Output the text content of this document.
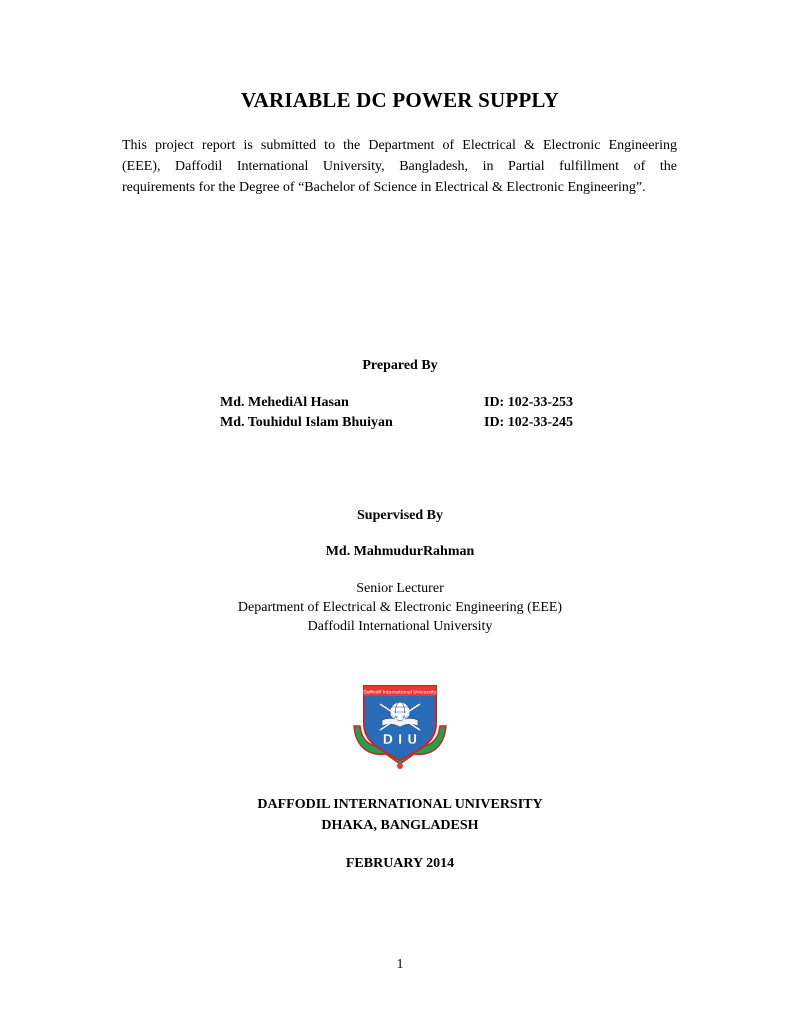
VARIABLE DC POWER SUPPLY
This project report is submitted to the Department of Electrical & Electronic Engineering
(EEE), Daffodil International University, Bangladesh, in Partial fulfillment of the
requirements for the Degree of “Bachelor of Science in Electrical & Electronic Engineering”.
Prepared By
Md. MehediAl Hasan	ID: 102-33-253
Md. Touhidul Islam Bhuiyan	ID: 102-33-245
Supervised By
Md. MahmudurRahman
Senior Lecturer
Department of Electrical & Electronic Engineering (EEE)
Daffodil International University
Daffodil International University
D I U
DAFFODIL INTERNATIONAL UNIVERSITY
DHAKA, BANGLADESH
FEBRUARY 2014
1
